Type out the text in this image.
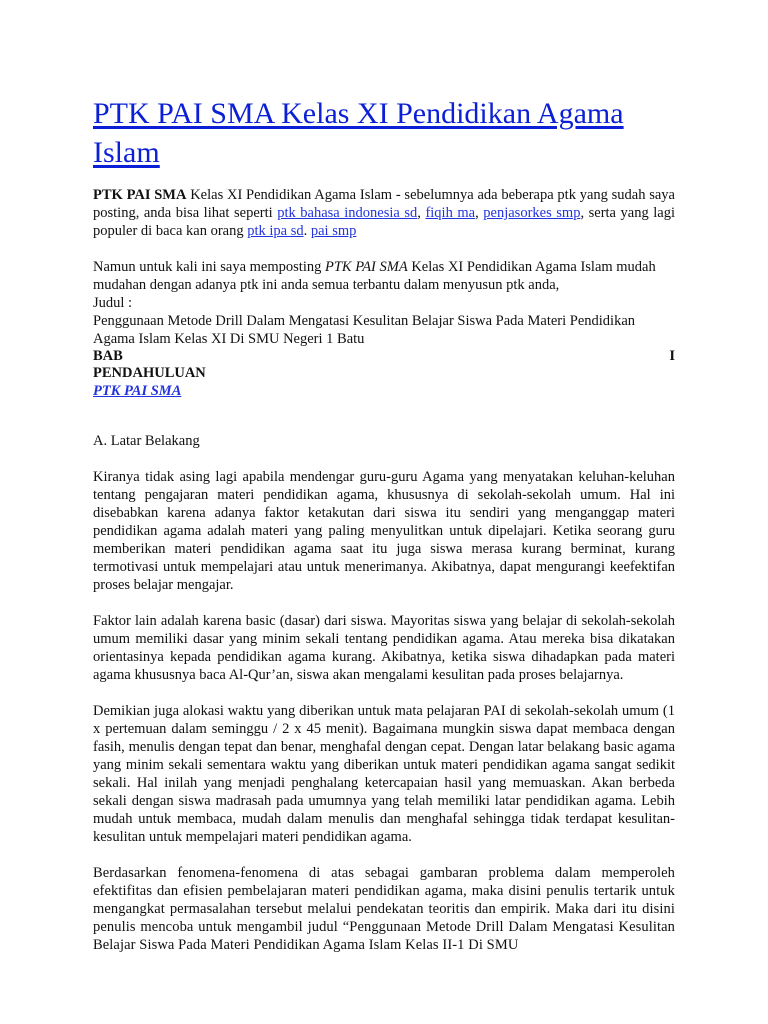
PTK PAI SMA Kelas XI Pendidikan Agama
Islam

PTK PAI SMA Kelas XI Pendidikan Agama Islam - sebelumnya ada beberapa ptk yang sudah saya posting, anda bisa lihat seperti ptk bahasa indonesia sd, fiqih ma, penjasorkes smp, serta yang lagi populer di baca kan orang ptk ipa sd. pai smp

Namun untuk kali ini saya memposting PTK PAI SMA Kelas XI Pendidikan Agama Islam mudah mudahan dengan adanya ptk ini anda semua terbantu dalam menyusun ptk anda,

Judul :

Penggunaan Metode Drill Dalam Mengatasi Kesulitan Belajar Siswa Pada Materi Pendidikan Agama Islam Kelas XI Di SMU Negeri 1 Batu

BAB	I

PENDAHULUAN

PTK PAI SMA

A. Latar Belakang

Kiranya tidak asing lagi apabila mendengar guru-guru Agama yang menyatakan keluhan-keluhan tentang pengajaran materi pendidikan agama, khususnya di sekolah-sekolah umum. Hal ini disebabkan karena adanya faktor ketakutan dari siswa itu sendiri yang menganggap materi pendidikan agama adalah materi yang paling menyulitkan untuk dipelajari. Ketika seorang guru memberikan materi pendidikan agama saat itu juga siswa merasa kurang berminat, kurang termotivasi untuk mempelajari atau untuk menerimanya. Akibatnya, dapat mengurangi keefektifan proses belajar mengajar.

Faktor lain adalah karena basic (dasar) dari siswa. Mayoritas siswa yang belajar di sekolah-sekolah umum memiliki dasar yang minim sekali tentang pendidikan agama. Atau mereka bisa dikatakan orientasinya kepada pendidikan agama kurang. Akibatnya, ketika siswa dihadapkan pada materi agama khususnya baca Al-Qur’an, siswa akan mengalami kesulitan pada proses belajarnya.

Demikian juga alokasi waktu yang diberikan untuk mata pelajaran PAI di sekolah-sekolah umum (1 x pertemuan dalam seminggu / 2 x 45 menit). Bagaimana mungkin siswa dapat membaca dengan fasih, menulis dengan tepat dan benar, menghafal dengan cepat. Dengan latar belakang basic agama yang minim sekali sementara waktu yang diberikan untuk materi pendidikan agama sangat sedikit sekali. Hal inilah yang menjadi penghalang ketercapaian hasil yang memuaskan. Akan berbeda sekali dengan siswa madrasah pada umumnya yang telah memiliki latar pendidikan agama. Lebih mudah untuk membaca, mudah dalam menulis dan menghafal sehingga tidak terdapat kesulitan-kesulitan untuk mempelajari materi pendidikan agama.

Berdasarkan fenomena-fenomena di atas sebagai gambaran problema dalam memperoleh efektifitas dan efisien pembelajaran materi pendidikan agama, maka disini penulis tertarik untuk mengangkat permasalahan tersebut melalui pendekatan teoritis dan empirik. Maka dari itu disini penulis mencoba untuk mengambil judul “Penggunaan Metode Drill Dalam Mengatasi Kesulitan Belajar Siswa Pada Materi Pendidikan Agama Islam Kelas II-1 Di SMU
